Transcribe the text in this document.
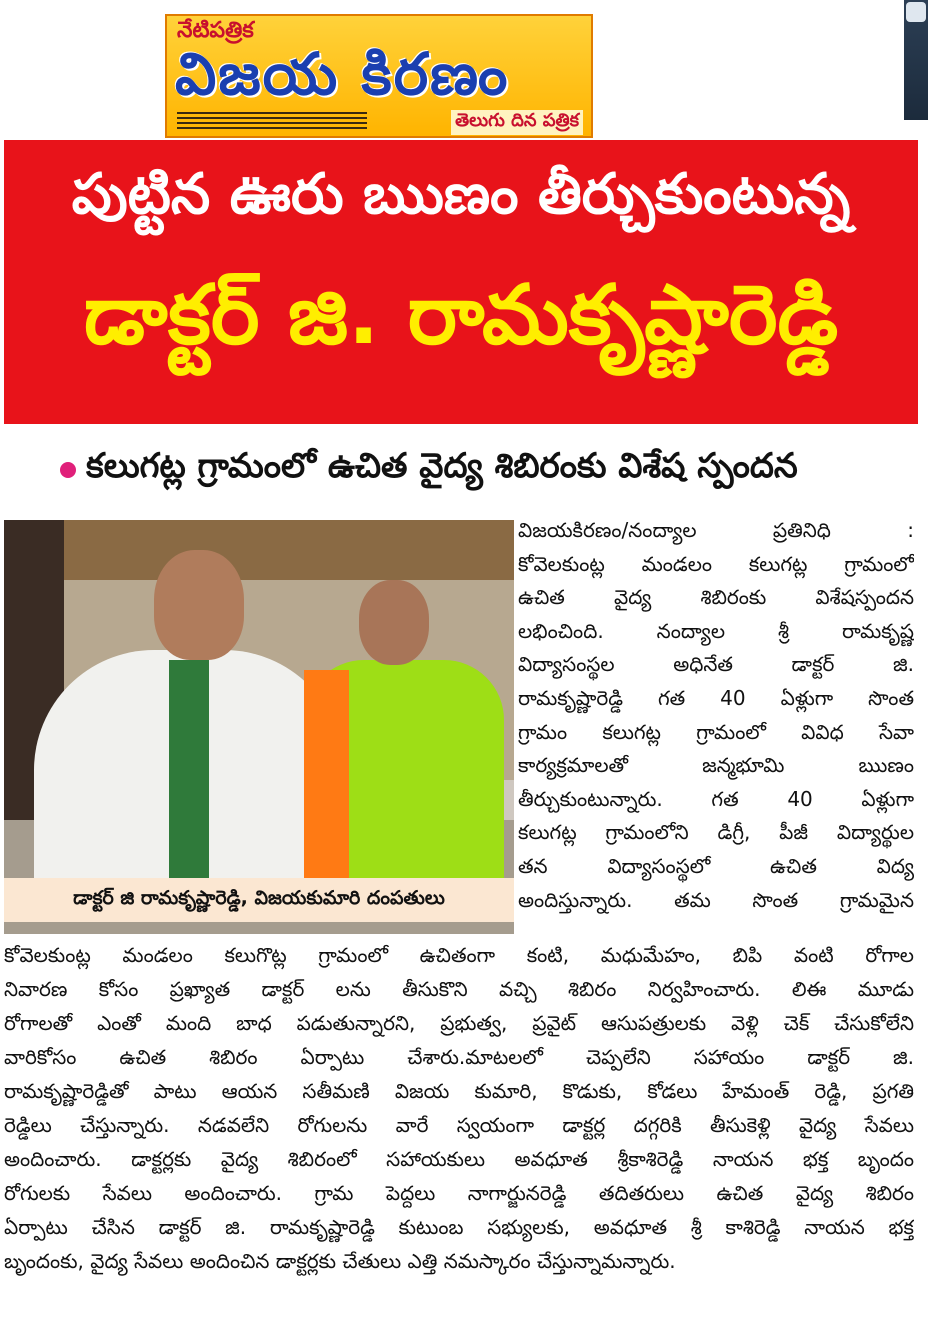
నేటిపత్రిక
విజయ కిరణం
తెలుగు దిన పత్రిక
పుట్టిన ఊరు ఋణం తీర్చుకుంటున్న
డాక్టర్ జి. రామకృష్ణారెడ్డి
కలుగట్ల గ్రామంలో ఉచిత వైద్య శిబిరంకు విశేష స్పందన
డాక్టర్ జి రామకృష్ణారెడ్డి, విజయకుమారి దంపతులు
విజయకిరణం/నంద్యాల ప్రతినిధి :
కోవెలకుంట్ల మండలం కలుగట్ల గ్రామంలో
ఉచిత వైద్య శిబిరంకు విశేషస్పందన
లభించింది. నంద్యాల శ్రీ రామకృష్ణ
విద్యాసంస్థల అధినేత డాక్టర్ జి.
రామకృష్ణారెడ్డి గత 40 ఏళ్లుగా సొంత
గ్రామం కలుగట్ల గ్రామంలో వివిధ సేవా
కార్యక్రమాలతో జన్మభూమి ఋణం
తీర్చుకుంటున్నారు. గత 40 ఏళ్లుగా
కలుగట్ల గ్రామంలోని డిగ్రీ, పీజీ విద్యార్థుల
తన విద్యాసంస్థలో ఉచిత విద్య
అందిస్తున్నారు. తమ సొంత గ్రామమైన
కోవెలకుంట్ల మండలం కలుగొట్ల గ్రామంలో ఉచితంగా కంటి, మధుమేహం, బిపి వంటి రోగాల
నివారణ కోసం ప్రఖ్యాత డాక్టర్ లను తీసుకొని వచ్చి శిబిరం నిర్వహించారు. లిఈ మూడు
రోగాలతో ఎంతో మంది బాధ పడుతున్నారని, ప్రభుత్వ, ప్రవైట్ ఆసుపత్రులకు వెళ్లి చెక్ చేసుకోలేని
వారికోసం ఉచిత శిబిరం ఏర్పాటు చేశారు.మాటలలో చెప్పలేని సహాయం డాక్టర్ జి.
రామకృష్ణారెడ్డితో పాటు ఆయన సతీమణి విజయ కుమారి, కొడుకు, కోడలు హేమంత్ రెడ్డి, ప్రగతి
రెడ్డిలు చేస్తున్నారు. నడవలేని రోగులను వారే స్వయంగా డాక్టర్ల దగ్గరికి తీసుకెళ్లి వైద్య సేవలు
అందించారు. డాక్టర్లకు వైద్య శిబిరంలో సహాయకులు అవధూత శ్రీకాశిరెడ్డి నాయన భక్త బృందం
రోగులకు సేవలు అందించారు. గ్రామ పెద్దలు నాగార్జునరెడ్డి తదితరులు ఉచిత వైద్య శిబిరం
ఏర్పాటు చేసిన డాక్టర్ జి. రామకృష్ణారెడ్డి కుటుంబ సభ్యులకు, అవధూత శ్రీ కాశిరెడ్డి నాయన భక్త
బృందంకు, వైద్య సేవలు అందించిన డాక్టర్లకు చేతులు ఎత్తి నమస్కారం చేస్తున్నామన్నారు.
